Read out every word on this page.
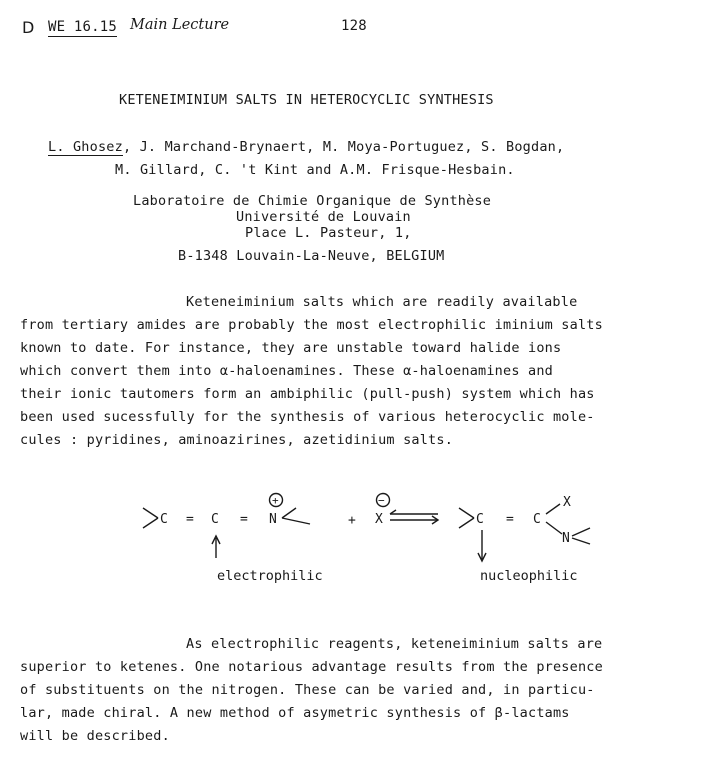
D WE 16.15 Main Lecture	128
KETENEIMINIUM SALTS IN HETEROCYCLIC SYNTHESIS
L. Ghosez, J. Marchand-Brynaert, M. Moya-Portuguez, S. Bogdan,
M. Gillard, C. 't Kint and A.M. Frisque-Hesbain.
Laboratoire de Chimie Organique de Synthèse
Université de Louvain
Place L. Pasteur, 1,
B-1348 Louvain-La-Neuve, BELGIUM
Keteneiminium salts which are readily available
from tertiary amides are probably the most electrophilic iminium salts
known to date. For instance, they are unstable toward halide ions
which convert them into α-haloenamines. These α-haloenamines and
their ionic tautomers form an ambiphilic (pull-push) system which has
been used sucessfully for the synthesis of various heterocyclic mole-
cules : pyridines, aminoazirines, azetidinium salts.
C = C = N
+
+
−
X	C = C
X
N
electrophilic	nucleophilic
As electrophilic reagents, keteneiminium salts are
superior to ketenes. One notarious advantage results from the presence
of substituents on the nitrogen. These can be varied and, in particu-
lar, made chiral. A new method of asymetric synthesis of β-lactams
will be described.
